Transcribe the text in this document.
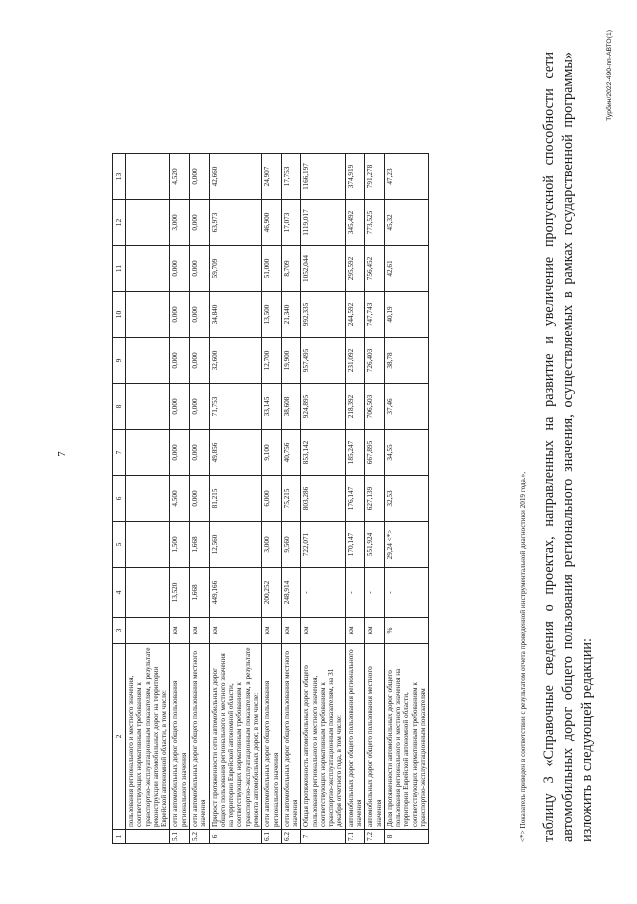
7
1	2	3	4	5	6	7	8	9	10	11	12	13
	пользования регионального и местного значения, соответствующих нормативным требованиям к транспортно-эксплуатационным показателям, в результате реконструкции автомобильных дорог на территории Еврейской автономной области, в том числе:											
5.1	сети автомобильных дорог общего пользования регионального значения	км	13,520	1,500	4,500	0,000	0,000	0,000	0,000	0,000	3,000	4,520
5.2	сети автомобильных дорог общего пользования местного значения	км	1,668	1,668	0,000	0,000	0,000	0,000	0,000	0,000	0,000	0,000
6	Прирост протяженности сети автомобильных дорог общего пользования регионального и местного значения на территории Еврейской автономной области, соответствующих нормативным требованиям к транспортно-эксплуатационным показателям, в результате ремонта автомобильных дорог, в том числе:	км	449,166	12,560	81,215	49,856	71,753	32,600	34,840	59,709	63,973	42,660
6.1	сети автомобильных дорог общего пользования регионального значения	км	200,252	3,000	6,000	9,100	33,145	12,700	13,500	51,000	46,900	24,907
6.2	сети автомобильных дорог общего пользования местного значения	км	248,914	9,560	75,215	40,756	38,608	19,900	21,340	8,709	17,073	17,753
7	Общая протяженность автомобильных дорог общего пользования регионального и местного значения, соответствующих нормативным требованиям к транспортно-эксплуатационным показателям, на 31 декабря отчетного года, в том числе:	км	-	722,071	803,286	853,142	924,895	957,495	992,335	1052,044	1119,017	1166,197
7.1	автомобильных дорог общего пользования регионального значения	км	-	170,147	176,147	185,247	218,392	231,092	244,592	295,592	345,492	374,919
7.2	автомобильных дорог общего пользования местного значения	км	-	551,924	627,139	667,895	706,503	726,403	747,743	756,452	773,525	791,278
8	Доля протяженности автомобильных дорог общего пользования регионального и местного значения на территории Еврейской автономной области, соответствующих нормативным требованиям к транспортно-эксплуатационным показателям	%	-	29,24 <*>	32,53	34,55	37,46	38,78	40,19	42,61	45,32	47,23
<*> Показатель приведен в соответствии с результатом отчета проведенной инструментальной диагностики 2019 года.», таблицу 3 «Справочные сведения о проектах, направленных на развитие и увеличение пропускной способности сети автомобильных дорог общего пользования регионального значения, осуществляемых в рамках государственной программы» изложить в следующей редакции:
Турбин/2022-490-пп-АВТО(1)
